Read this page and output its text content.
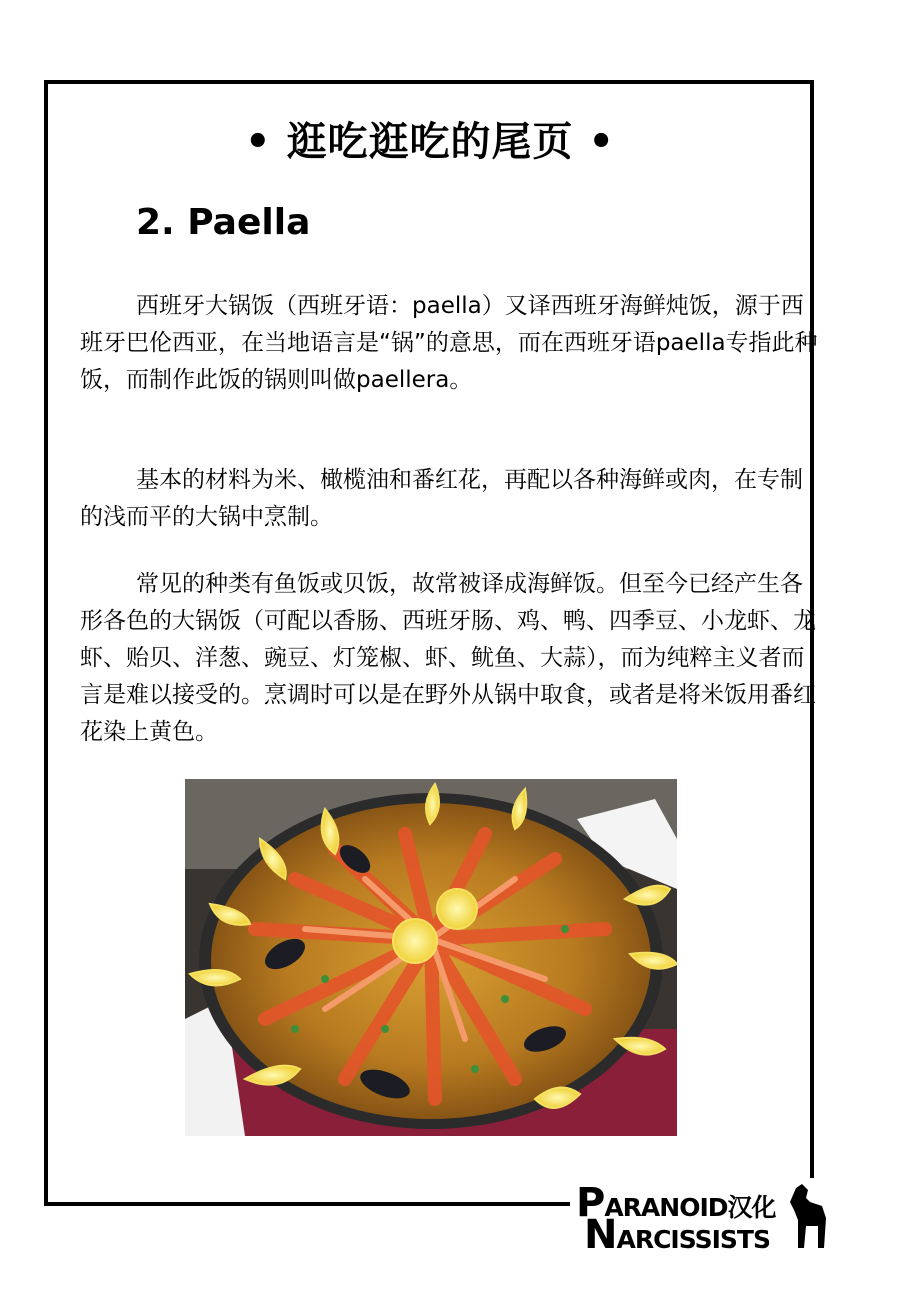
• 逛吃逛吃的尾页 •
2. Paella
西班牙大锅饭（西班牙语：paella）又译西班牙海鲜炖饭，源于西班牙巴伦西亚，在当地语言是“锅”的意思，而在西班牙语paella专指此种饭，而制作此饭的锅则叫做paellera。
基本的材料为米、橄榄油和番红花，再配以各种海鲜或肉，在专制的浅而平的大锅中烹制。
常见的种类有鱼饭或贝饭，故常被译成海鲜饭。但至今已经产生各形各色的大锅饭（可配以香肠、西班牙肠、鸡、鸭、四季豆、小龙虾、龙虾、贻贝、洋葱、豌豆、灯笼椒、虾、鱿鱼、大蒜），而为纯粹主义者而言是难以接受的。烹调时可以是在野外从锅中取食，或者是将米饭用番红花染上黄色。
PARANOID汉化
NARCISSISTS
